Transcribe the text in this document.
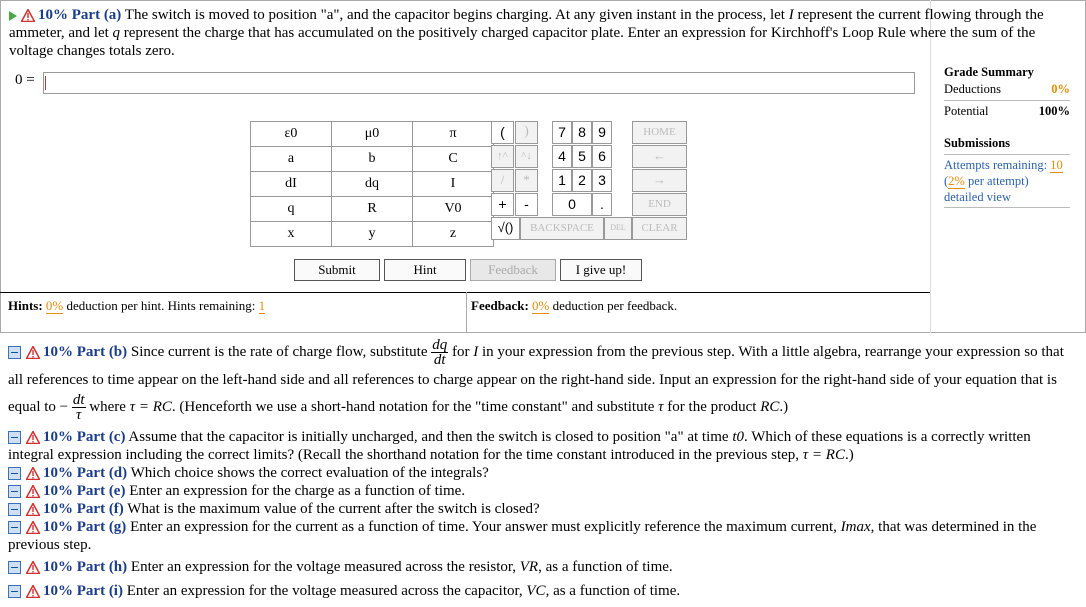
10% Part (a) The switch is moved to position "a", and the capacitor begins charging. At any given instant in the process, let I represent the current flowing through the ammeter, and let q represent the charge that has accumulated on the positively charged capacitor plate. Enter an expression for Kirchhoff's Loop Rule where the sum of the voltage changes totals zero.
0 =
ε0	μ0	π
a	b	C
dI	dq	I
q	R	V0
x	y	z
(	)	7 8 9	HOME
↑^	^↓	4 5 6	←
/	*	1 2 3	→
+	-	0	.	END
√()	BACKSPACE	DEL	CLEAR
Submit	Hint	Feedback	I give up!
Hints: 0% deduction per hint. Hints remaining: 1	Feedback: 0% deduction per feedback.
Grade Summary
Deductions	0%
Potential	100%
Submissions
Attempts remaining: 10
(2% per attempt)
detailed view
10% Part (b) Since current is the rate of charge flow, substitute $\frac{dq}{dt}$ for I in your expression from the previous step. With a little algebra, rearrange your expression so that all references to time appear on the left-hand side and all references to charge appear on the right-hand side. Input an expression for the right-hand side of your equation that is equal to − $\frac{dt}{\tau}$ where τ = RC. (Henceforth we use a short-hand notation for the "time constant" and substitute τ for the product RC.)
10% Part (c) Assume that the capacitor is initially uncharged, and then the switch is closed to position "a" at time t0. Which of these equations is a correctly written integral expression including the correct limits? (Recall the shorthand notation for the time constant introduced in the previous step, τ = RC.)
10% Part (d) Which choice shows the correct evaluation of the integrals?
10% Part (e) Enter an expression for the charge as a function of time.
10% Part (f) What is the maximum value of the current after the switch is closed?
10% Part (g) Enter an expression for the current as a function of time. Your answer must explicitly reference the maximum current, Imax, that was determined in the previous step.
10% Part (h) Enter an expression for the voltage measured across the resistor, VR, as a function of time.
10% Part (i) Enter an expression for the voltage measured across the capacitor, VC, as a function of time.
